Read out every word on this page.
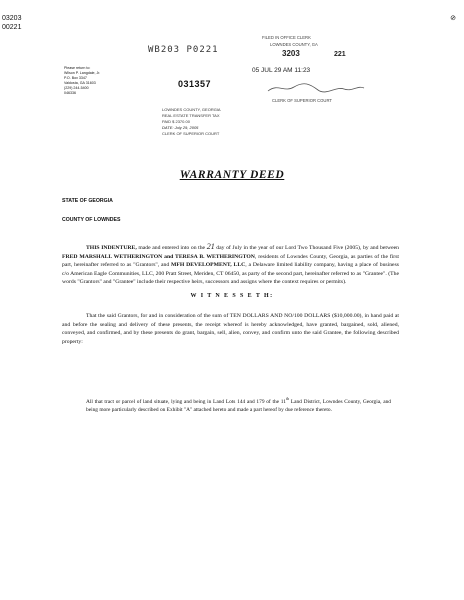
03203
00221
⊘
Please return to:
Wilson P. Langdale, Jr.
P.O. Box 3347
Valdosta, GA 31603
(229) 244-5400
046336
WB203 P0221
031357
LOWNDES COUNTY, GEORGIA
REAL ESTATE TRANSFER TAX
PAID $ 2370.00
DATE: July 29, 2005
CLERK OF SUPERIOR COURT
FILED IN OFFICE CLERK
LOWNDES COUNTY, GA
3203	221
05 JUL 29 AM 11:23
CLERK OF SUPERIOR COURT
WARRANTY DEED
STATE OF GEORGIA
COUNTY OF LOWNDES
THIS INDENTURE, made and entered into on the 21 day of July in the year of our Lord Two Thousand Five (2005), by and between FRED MARSHALL WETHERINGTON and TERESA B. WETHERINGTON, residents of Lowndes County, Georgia, as parties of the first part, hereinafter referred to as "Grantors", and MFH DEVELOPMENT, LLC, a Delaware limited liability company, having a place of business c/o American Eagle Communities, LLC, 200 Pratt Street, Meriden, CT 06450, as party of the second part, hereinafter referred to as "Grantee". (The words "Grantors" and "Grantee" include their respective heirs, successors and assigns where the context requires or permits).
W I T N E S S E T H:
That the said Grantors, for and in consideration of the sum of TEN DOLLARS AND NO/100 DOLLARS ($10,000.00), in hand paid at and before the sealing and delivery of these presents, the receipt whereof is hereby acknowledged, have granted, bargained, sold, aliened, conveyed, and confirmed, and by these presents do grant, bargain, sell, alien, convey, and confirm unto the said Grantee, the following described property:
All that tract or parcel of land situate, lying and being in Land Lots 144 and 179 of the 11th Land District, Lowndes County, Georgia, and being more particularly described on Exhibit "A" attached hereto and made a part hereof by due reference thereto.
